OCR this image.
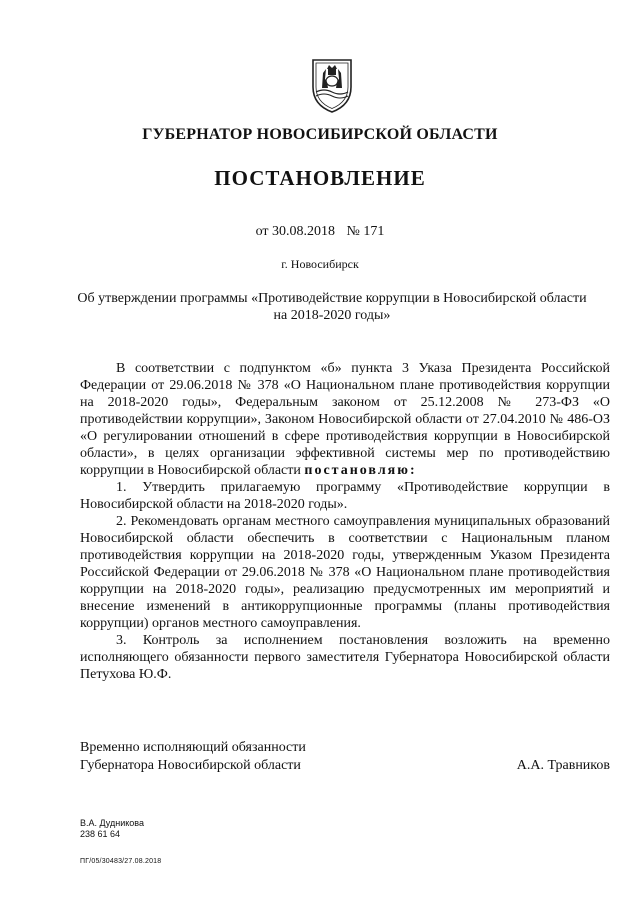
ГУБЕРНАТОР НОВОСИБИРСКОЙ ОБЛАСТИ
ПОСТАНОВЛЕНИЕ
от 30.08.2018 № 171
г. Новосибирск
Об утверждении программы «Противодействие коррупции в Новосибирской области на 2018-2020 годы»

В соответствии с подпунктом «б» пункта 3 Указа Президента Российской Федерации от 29.06.2018 № 378 «О Национальном плане противодействия коррупции на 2018-2020 годы», Федеральным законом от 25.12.2008 № 273-ФЗ «О противодействии коррупции», Законом Новосибирской области от 27.04.2010 № 486-ОЗ «О регулировании отношений в сфере противодействия коррупции в Новосибирской области», в целях организации эффективной системы мер по противодействию коррупции в Новосибирской области постановляю:

1. Утвердить прилагаемую программу «Противодействие коррупции в Новосибирской области на 2018-2020 годы».

2. Рекомендовать органам местного самоуправления муниципальных образований Новосибирской области обеспечить в соответствии с Национальным планом противодействия коррупции на 2018-2020 годы, утвержденным Указом Президента Российской Федерации от 29.06.2018 № 378 «О Национальном плане противодействия коррупции на 2018-2020 годы», реализацию предусмотренных им мероприятий и внесение изменений в антикоррупционные программы (планы противодействия коррупции) органов местного самоуправления.

3. Контроль за исполнением постановления возложить на временно исполняющего обязанности первого заместителя Губернатора Новосибирской области Петухова Ю.Ф.

Временно исполняющий обязанности
Губернатора Новосибирской области	А.А. Травников
В.А. Дудникова
238 61 64
ПГ/05/30483/27.08.2018
